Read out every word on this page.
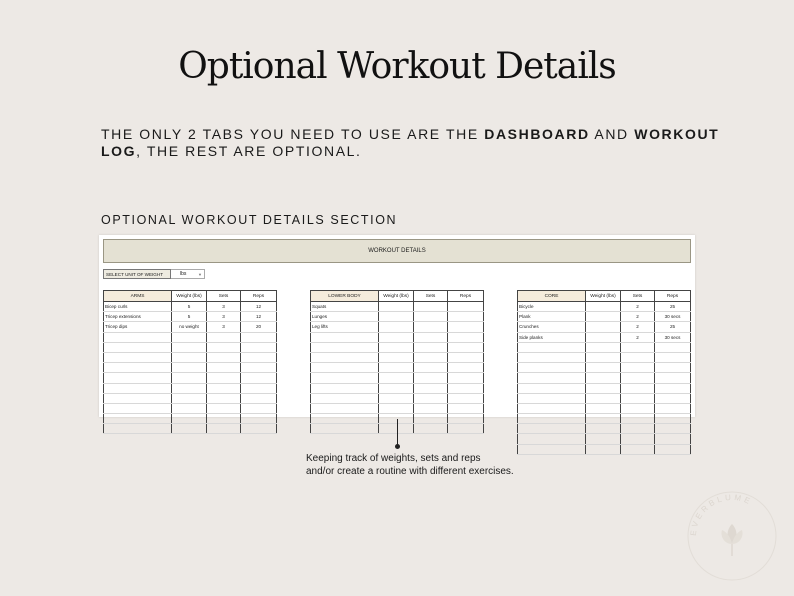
Optional Workout Details
THE ONLY 2 TABS YOU NEED TO USE ARE THE DASHBOARD AND WORKOUT LOG, THE REST ARE OPTIONAL.
OPTIONAL WORKOUT DETAILS SECTION
WORKOUT DETAILS
SELECT UNIT OF WEIGHT	lbs	▼
ARMS	Weight (lbs)	Sets	Reps
Bicep curls	5	3	12
Tricep extensions	5	3	12
Tricep dips	no weight	3	20

LOWER BODY	Weight (lbs)	Sets	Reps
Squats			
Lunges			
Leg lifts			

CORE	Weight (lbs)	Sets	Reps
Bicycle		2	25
Plank		2	30 secs
Crunches		2	25
Side planks		2	30 secs

Keeping track of weights, sets and reps
and/or create a routine with different exercises.
EVERBLUME
